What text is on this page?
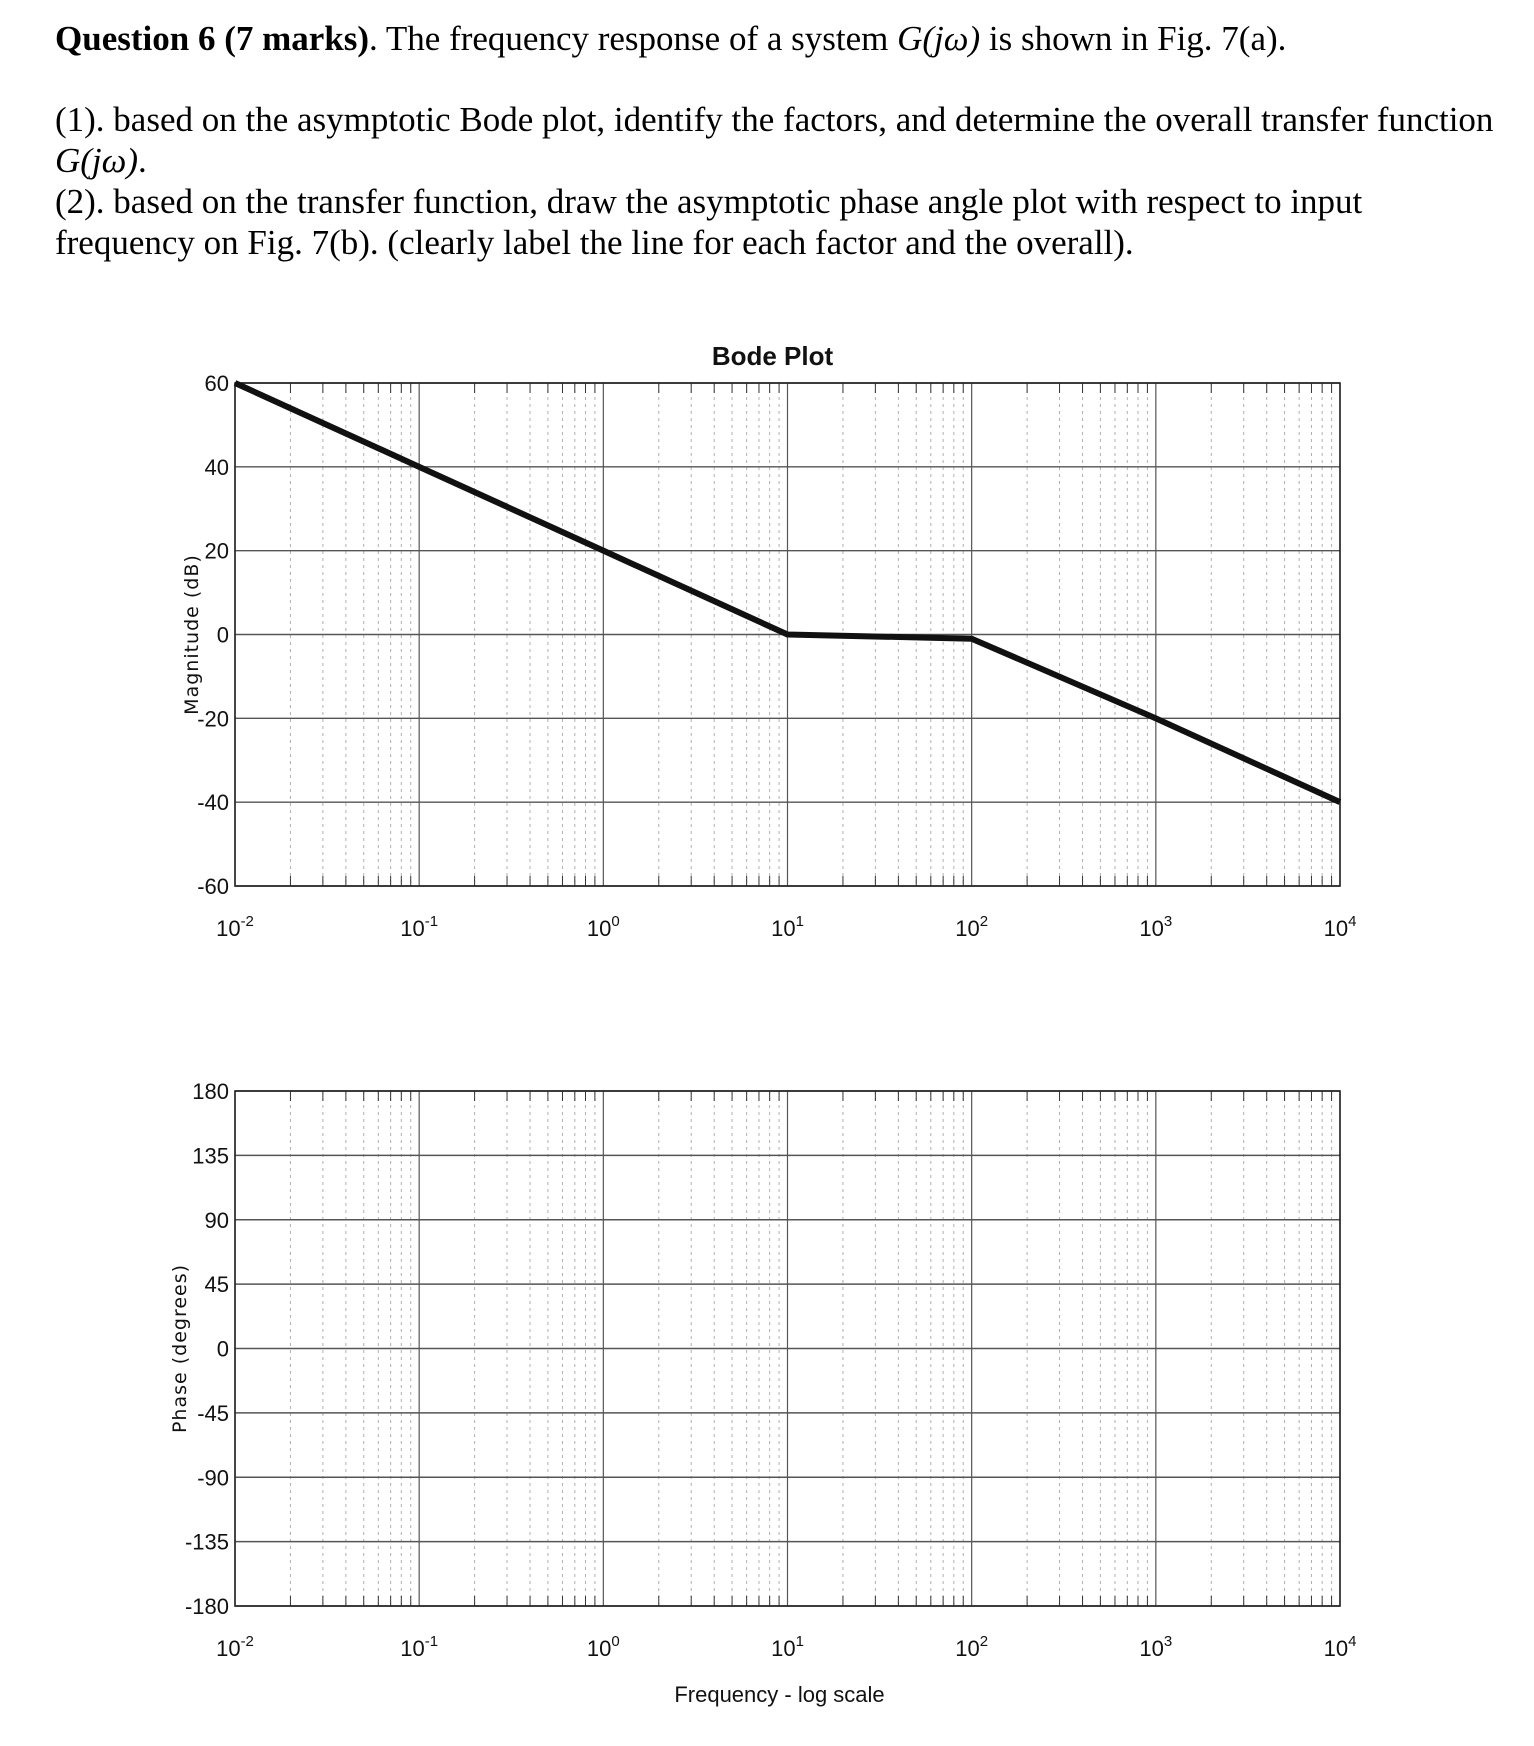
Question 6 (7 marks). The frequency response of a system G(jω) is shown in Fig. 7(a).

(1). based on the asymptotic Bode plot, identify the factors, and determine the overall transfer function G(jω).

(2). based on the transfer function, draw the asymptotic phase angle plot with respect to input frequency on Fig. 7(b). (clearly label the line for each factor and the overall).

60
40
20
0
-20
-40
-60
$10^{-2}$	$10^{-1}$	$10^0$	$10^1$	$10^2$	$10^3$	$10^4$
Magnitude (dB)
Bode Plot
180
135
90
45
0
-45
-90
-135
-180
$10^{-2}$	$10^{-1}$	$10^0$	$10^1$	$10^2$	$10^3$	$10^4$
Phase (degrees)
Frequency - log scale
